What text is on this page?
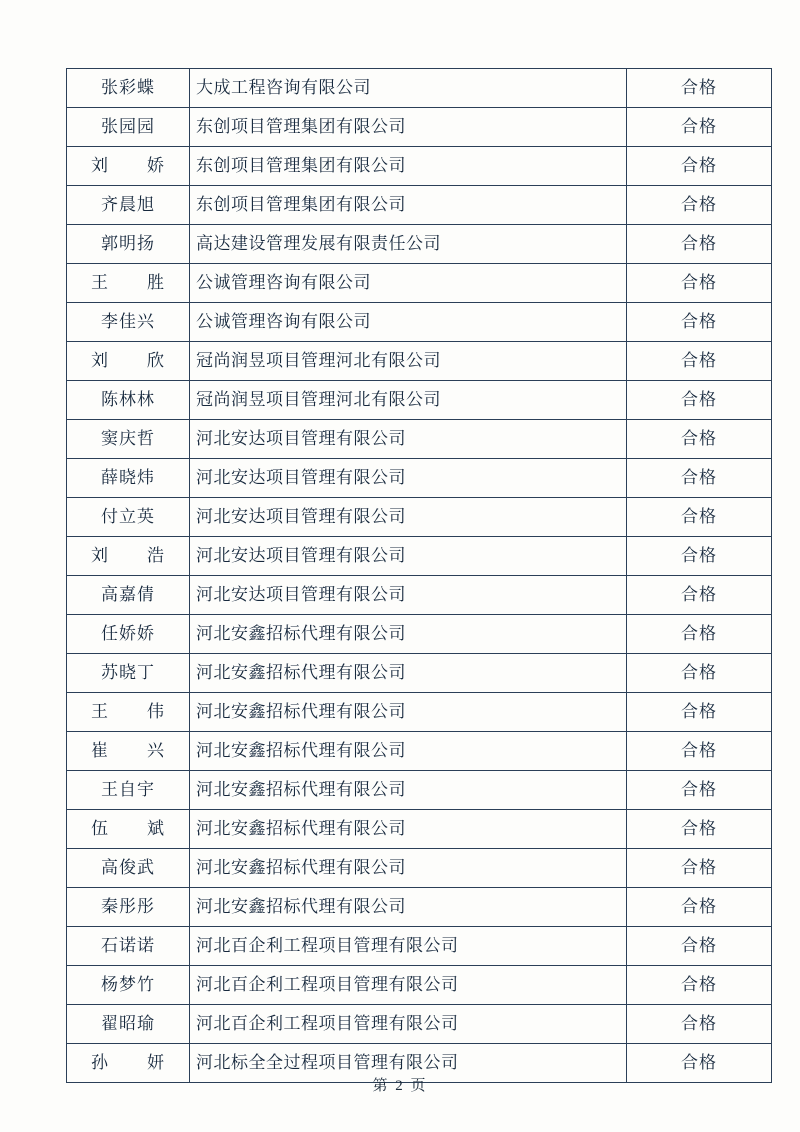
张彩蝶	大成工程咨询有限公司	合格
张园园	东创项目管理集团有限公司	合格
刘娇	东创项目管理集团有限公司	合格
齐晨旭	东创项目管理集团有限公司	合格
郭明扬	高达建设管理发展有限责任公司	合格
王胜	公诚管理咨询有限公司	合格
李佳兴	公诚管理咨询有限公司	合格
刘欣	冠尚润昱项目管理河北有限公司	合格
陈林林	冠尚润昱项目管理河北有限公司	合格
窦庆哲	河北安达项目管理有限公司	合格
薛晓炜	河北安达项目管理有限公司	合格
付立英	河北安达项目管理有限公司	合格
刘浩	河北安达项目管理有限公司	合格
高嘉倩	河北安达项目管理有限公司	合格
任娇娇	河北安鑫招标代理有限公司	合格
苏晓丁	河北安鑫招标代理有限公司	合格
王伟	河北安鑫招标代理有限公司	合格
崔兴	河北安鑫招标代理有限公司	合格
王自宇	河北安鑫招标代理有限公司	合格
伍斌	河北安鑫招标代理有限公司	合格
高俊武	河北安鑫招标代理有限公司	合格
秦彤彤	河北安鑫招标代理有限公司	合格
石诺诺	河北百企利工程项目管理有限公司	合格
杨梦竹	河北百企利工程项目管理有限公司	合格
翟昭瑜	河北百企利工程项目管理有限公司	合格
孙妍	河北标全全过程项目管理有限公司	合格
第 2 页
